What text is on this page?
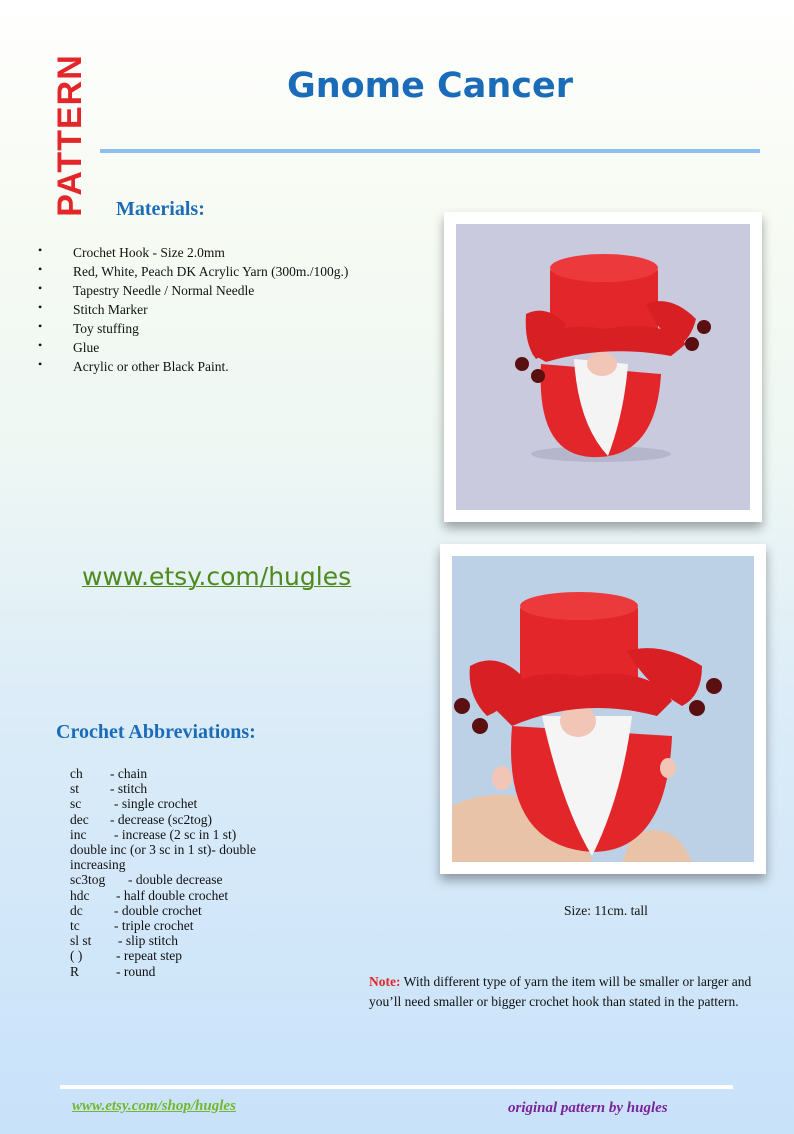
PATTERN	Gnome Cancer
Materials:
• Crochet Hook - Size 2.0mm
• Red, White, Peach DK Acrylic Yarn (300m./100g.)
• Tapestry Needle / Normal Needle
• Stitch Marker
• Toy stuffing
• Glue
• Acrylic or other Black Paint.
www.etsy.com/hugles
Crochet Abbreviations:
ch - chain
st - stitch
sc - single crochet
dec - decrease (sc2tog)
inc - increase (2 sc in 1 st)
double inc (or 3 sc in 1 st)- double
increasing
sc3tog - double decrease
hdc - half double crochet
dc - double crochet
tc	- triple crochet
sl st - slip stitch
( ) - repeat step
R	- round
Size: 11cm. tall
Note: With different type of yarn the item will be smaller or larger and you’ll need smaller or bigger crochet hook than stated in the pattern.
www.etsy.com/shop/hugles	original pattern by hugles
